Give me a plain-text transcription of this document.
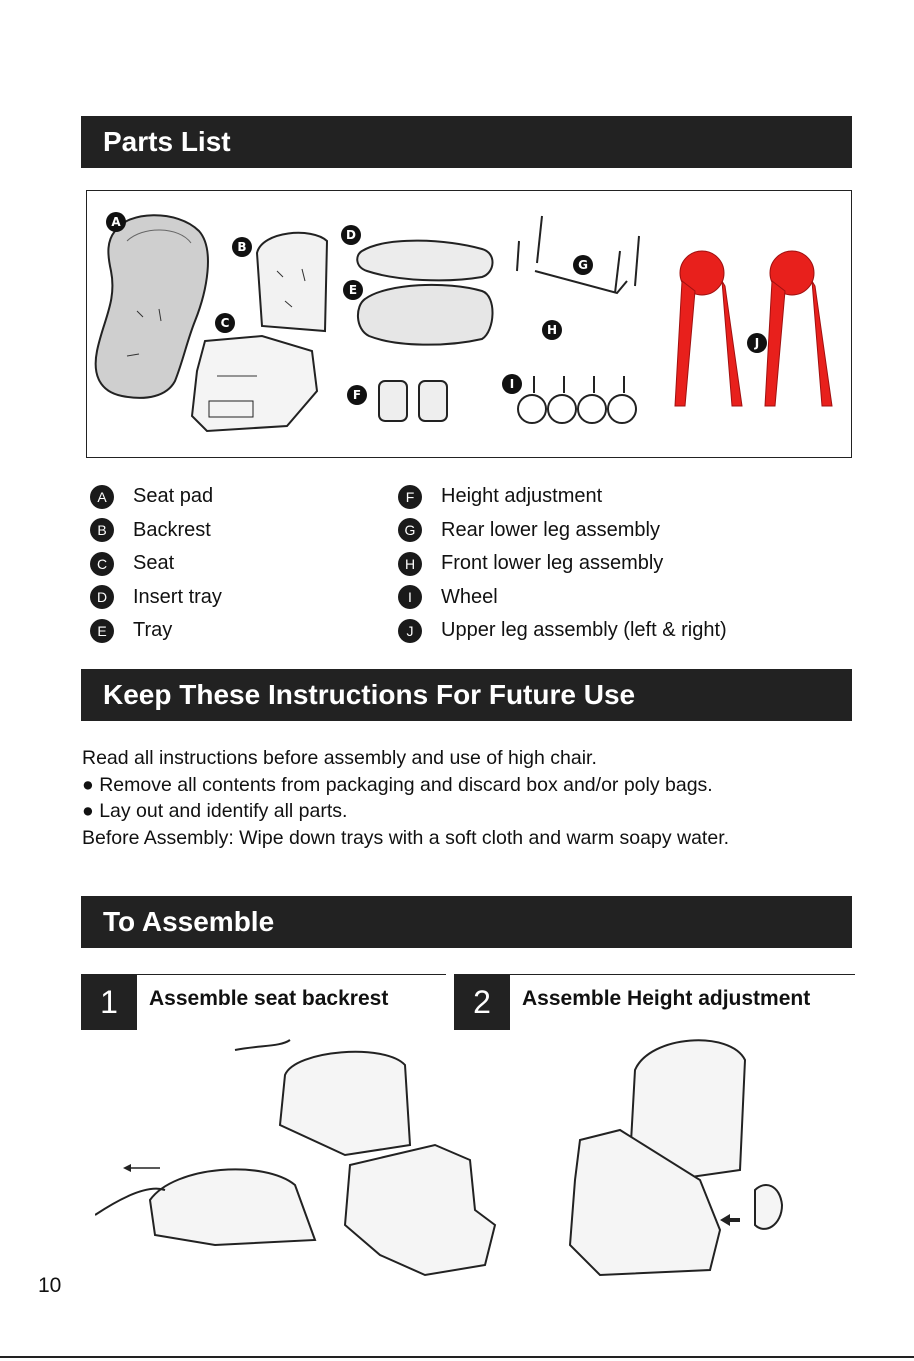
Parts List
A
B
C
D
E
F
G
H
I
J
A	Seat pad
B	Backrest
C	Seat
D	Insert tray
E	Tray
F	Height adjustment
G	Rear lower leg assembly
H	Front lower leg assembly
I	Wheel
J	Upper leg assembly (left & right)
Keep These Instructions For Future Use
Read all instructions before assembly and use of high chair.
● Remove all contents from packaging and discard box and/or poly bags.
● Lay out and identify all parts.
Before Assembly: Wipe down trays with a soft cloth and warm soapy water.
To Assemble
1	Assemble seat backrest	2	Assemble Height adjustment
10
